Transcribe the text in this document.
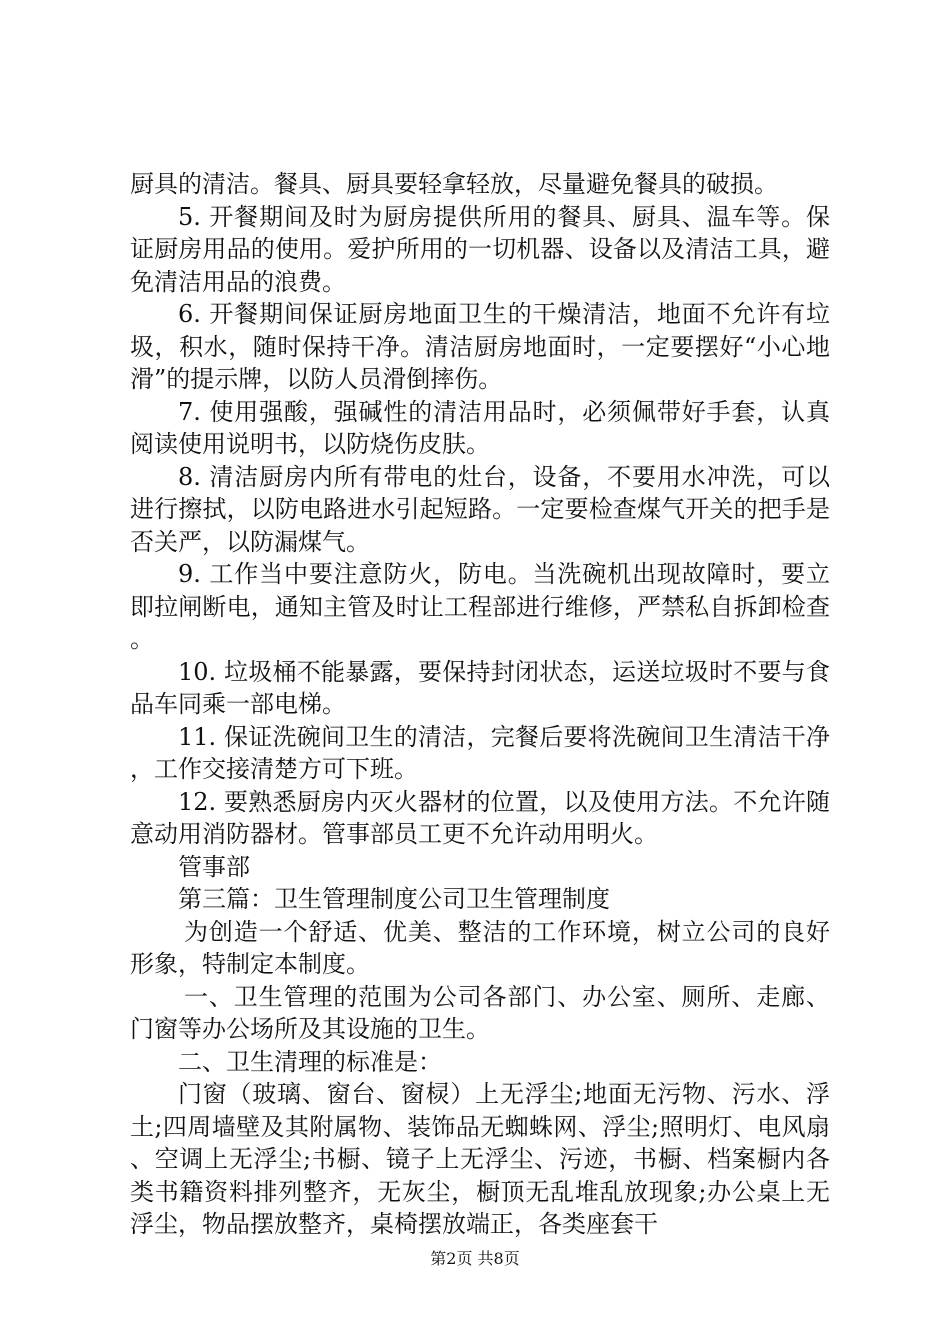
厨具的清洁。餐具、厨具要轻拿轻放，尽量避免餐具的破损。

5. 开餐期间及时为厨房提供所用的餐具、厨具、温车等。保证厨房用品的使用。爱护所用的一切机器、设备以及清洁工具，避免清洁用品的浪费。

6. 开餐期间保证厨房地面卫生的干燥清洁，地面不允许有垃圾，积水，随时保持干净。清洁厨房地面时，一定要摆好“小心地滑”的提示牌，以防人员滑倒摔伤。

7. 使用强酸，强碱性的清洁用品时，必须佩带好手套，认真阅读使用说明书，以防烧伤皮肤。

8. 清洁厨房内所有带电的灶台，设备，不要用水冲洗，可以进行擦拭，以防电路进水引起短路。一定要检查煤气开关的把手是否关严，以防漏煤气。

9. 工作当中要注意防火，防电。当洗碗机出现故障时，要立即拉闸断电，通知主管及时让工程部进行维修，严禁私自拆卸检查。

10. 垃圾桶不能暴露，要保持封闭状态，运送垃圾时不要与食品车同乘一部电梯。

11. 保证洗碗间卫生的清洁，完餐后要将洗碗间卫生清洁干净，工作交接清楚方可下班。

12. 要熟悉厨房内灭火器材的位置，以及使用方法。不允许随意动用消防器材。管事部员工更不允许动用明火。

管事部

第三篇：卫生管理制度公司卫生管理制度

为创造一个舒适、优美、整洁的工作环境，树立公司的良好形象，特制定本制度。

一、卫生管理的范围为公司各部门、办公室、厕所、走廊、门窗等办公场所及其设施的卫生。

二、卫生清理的标准是：

门窗（玻璃、窗台、窗棂）上无浮尘;地面无污物、污水、浮土;四周墙壁及其附属物、装饰品无蜘蛛网、浮尘;照明灯、电风扇、空调上无浮尘;书橱、镜子上无浮尘、污迹，书橱、档案橱内各类书籍资料排列整齐，无灰尘，橱顶无乱堆乱放现象;办公桌上无浮尘，物品摆放整齐，桌椅摆放端正，各类座套干

第2页 共8页
